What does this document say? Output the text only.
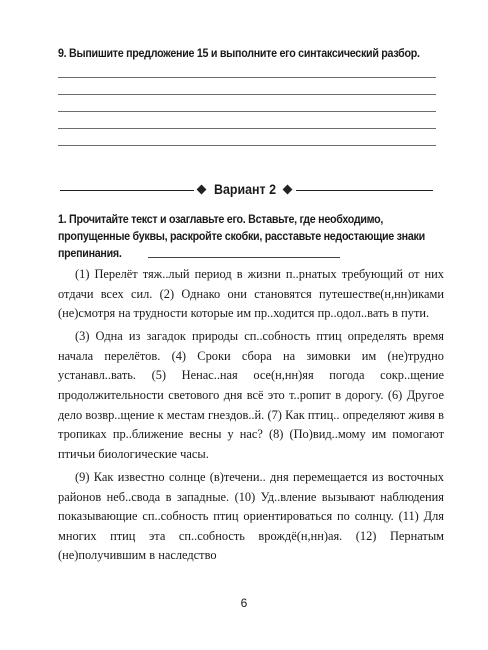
9. Выпишите предложение 15 и выполните его синтаксический разбор.
Вариант 2
1. Прочитайте текст и озаглавьте его. Вставьте, где необходимо, пропущенные буквы, раскройте скобки, расставьте недостающие знаки препинания.

(1) Перелёт тяж..лый период в жизни п..рнатых требующий от них отдачи всех сил. (2) Однако они становятся путешестве(н,нн)иками (не)смотря на трудности которые им пр..ходится пр..одол..вать в пути.

(3) Одна из загадок природы сп..собность птиц определять время начала перелётов. (4) Сроки сбора на зимовки им (не)трудно устанавл..вать. (5) Ненас..ная осе(н,нн)яя погода сокр..щение продолжительности светового дня всё это т..ропит в дорогу. (6) Другое дело возвр..щение к местам гнездов..й. (7) Как птиц.. определяют живя в тропиках пр..ближение весны у нас? (8) (По)вид..мому им помогают птичьи биологические часы.

(9) Как известно солнце (в)течени.. дня перемещается из восточных районов неб..свода в западные. (10) Уд..вление вызывают наблюдения показывающие сп..собность птиц ориентироваться по солнцу. (11) Для многих птиц эта сп..собность врождё(н,нн)ая. (12) Пернатым (не)получившим в наследство

6
